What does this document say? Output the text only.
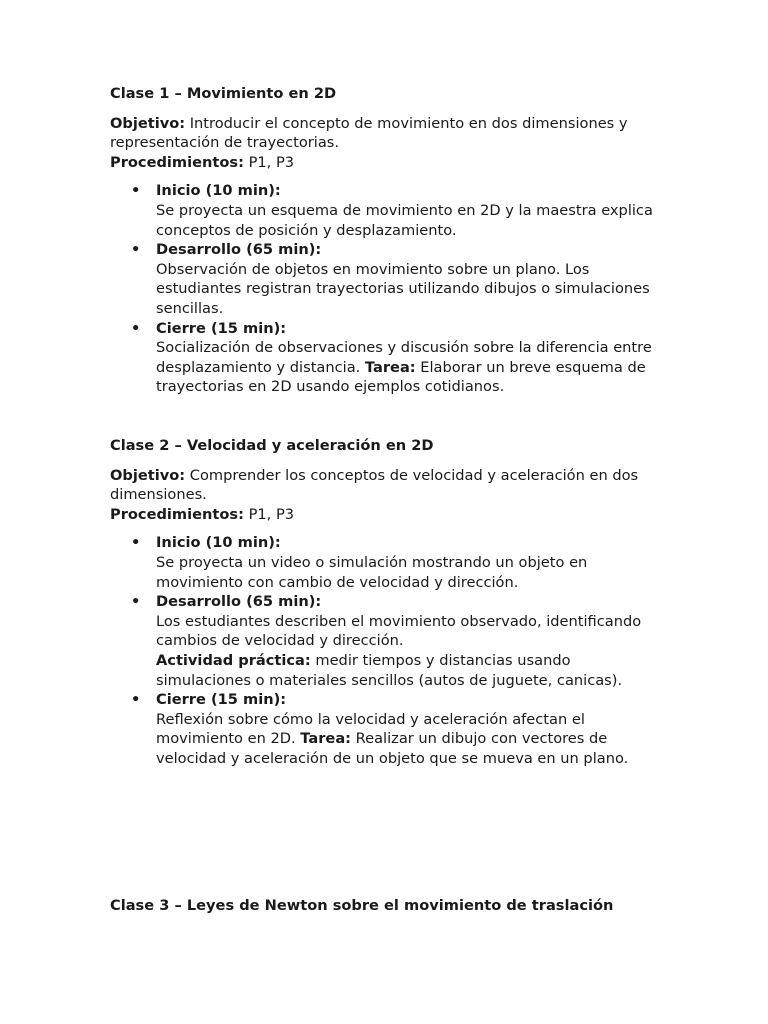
Clase 1 – Movimiento en 2D

Objetivo: Introducir el concepto de movimiento en dos dimensiones y representación de trayectorias.

Procedimientos: P1, P3

• Inicio (10 min):
Se proyecta un esquema de movimiento en 2D y la maestra explica conceptos de posición y desplazamiento.
• Desarrollo (65 min):
Observación de objetos en movimiento sobre un plano. Los estudiantes registran trayectorias utilizando dibujos o simulaciones sencillas.
• Cierre (15 min):
Socialización de observaciones y discusión sobre la diferencia entre desplazamiento y distancia. Tarea: Elaborar un breve esquema de trayectorias en 2D usando ejemplos cotidianos.
Clase 2 – Velocidad y aceleración en 2D

Objetivo: Comprender los conceptos de velocidad y aceleración en dos dimensiones.

Procedimientos: P1, P3

• Inicio (10 min):
Se proyecta un video o simulación mostrando un objeto en movimiento con cambio de velocidad y dirección.
• Desarrollo (65 min):
Los estudiantes describen el movimiento observado, identificando cambios de velocidad y dirección.
Actividad práctica: medir tiempos y distancias usando simulaciones o materiales sencillos (autos de juguete, canicas).
• Cierre (15 min):
Reflexión sobre cómo la velocidad y aceleración afectan el movimiento en 2D. Tarea: Realizar un dibujo con vectores de velocidad y aceleración de un objeto que se mueva en un plano.
Clase 3 – Leyes de Newton sobre el movimiento de traslación
